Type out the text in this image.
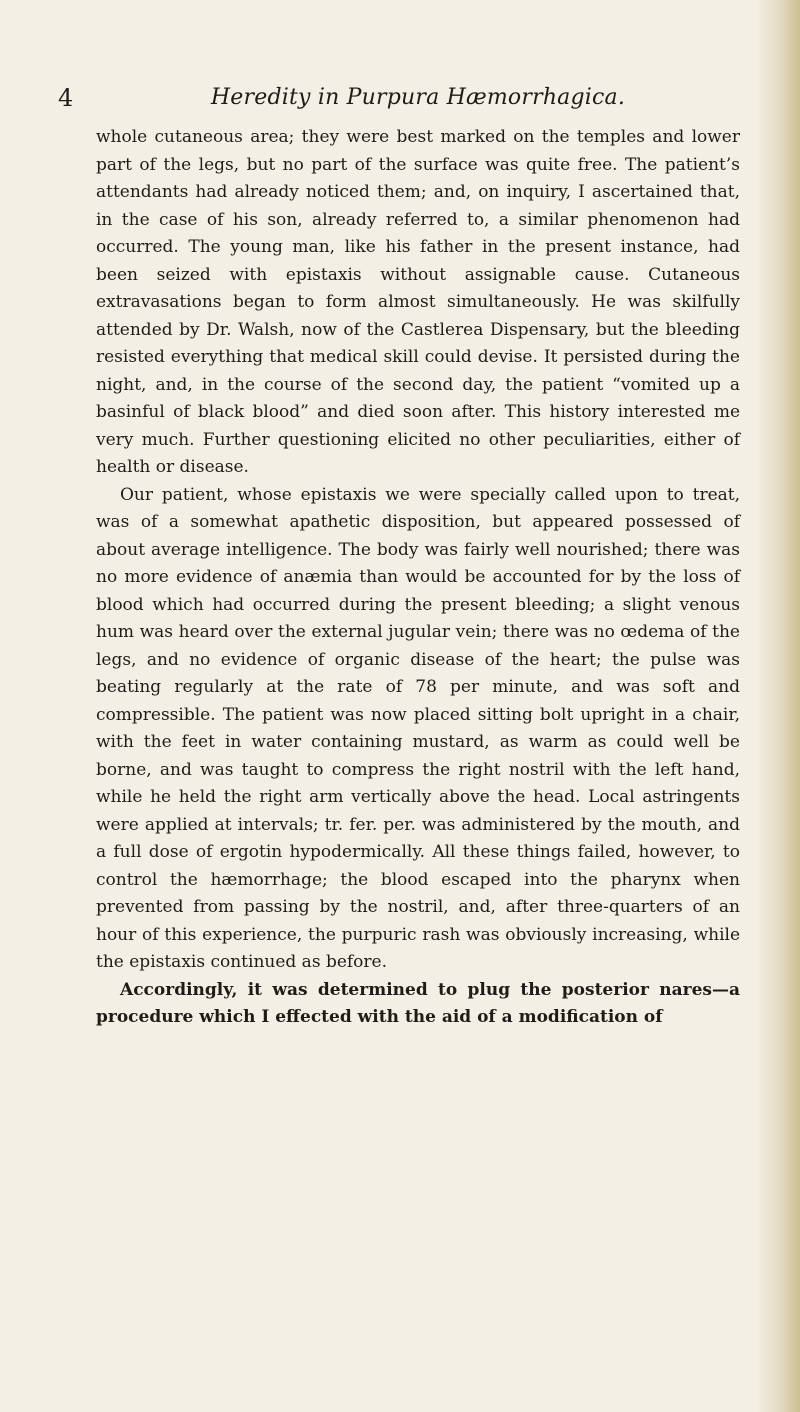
4	Heredity in Purpura Hæmorrhagica.

whole cutaneous area; they were best marked on the temples and lower part of the legs, but no part of the surface was quite free. The patient’s attendants had already noticed them; and, on inquiry, I ascertained that, in the case of his son, already referred to, a similar phenomenon had occurred. The young man, like his father in the present instance, had been seized with epistaxis without assignable cause. Cutaneous extravasations began to form almost simultaneously. He was skilfully attended by Dr. Walsh, now of the Castlerea Dispensary, but the bleeding resisted everything that medical skill could devise. It persisted during the night, and, in the course of the second day, the patient “vomited up a basinful of black blood” and died soon after. This history interested me very much. Further questioning elicited no other peculiarities, either of health or disease.

Our patient, whose epistaxis we were specially called upon to treat, was of a somewhat apathetic disposition, but appeared possessed of about average intelligence. The body was fairly well nourished; there was no more evidence of anæmia than would be accounted for by the loss of blood which had occurred during the present bleeding; a slight venous hum was heard over the external jugular vein; there was no œdema of the legs, and no evidence of organic disease of the heart; the pulse was beating regularly at the rate of 78 per minute, and was soft and compressible. The patient was now placed sitting bolt upright in a chair, with the feet in water containing mustard, as warm as could well be borne, and was taught to compress the right nostril with the left hand, while he held the right arm vertically above the head. Local astringents were applied at intervals; tr. fer. per. was administered by the mouth, and a full dose of ergotin hypodermically. All these things failed, however, to control the hæmorrhage; the blood escaped into the pharynx when prevented from passing by the nostril, and, after three-quarters of an hour of this experience, the purpuric rash was obviously increasing, while the epistaxis continued as before.

Accordingly, it was determined to plug the posterior nares—a procedure which I effected with the aid of a modification of
